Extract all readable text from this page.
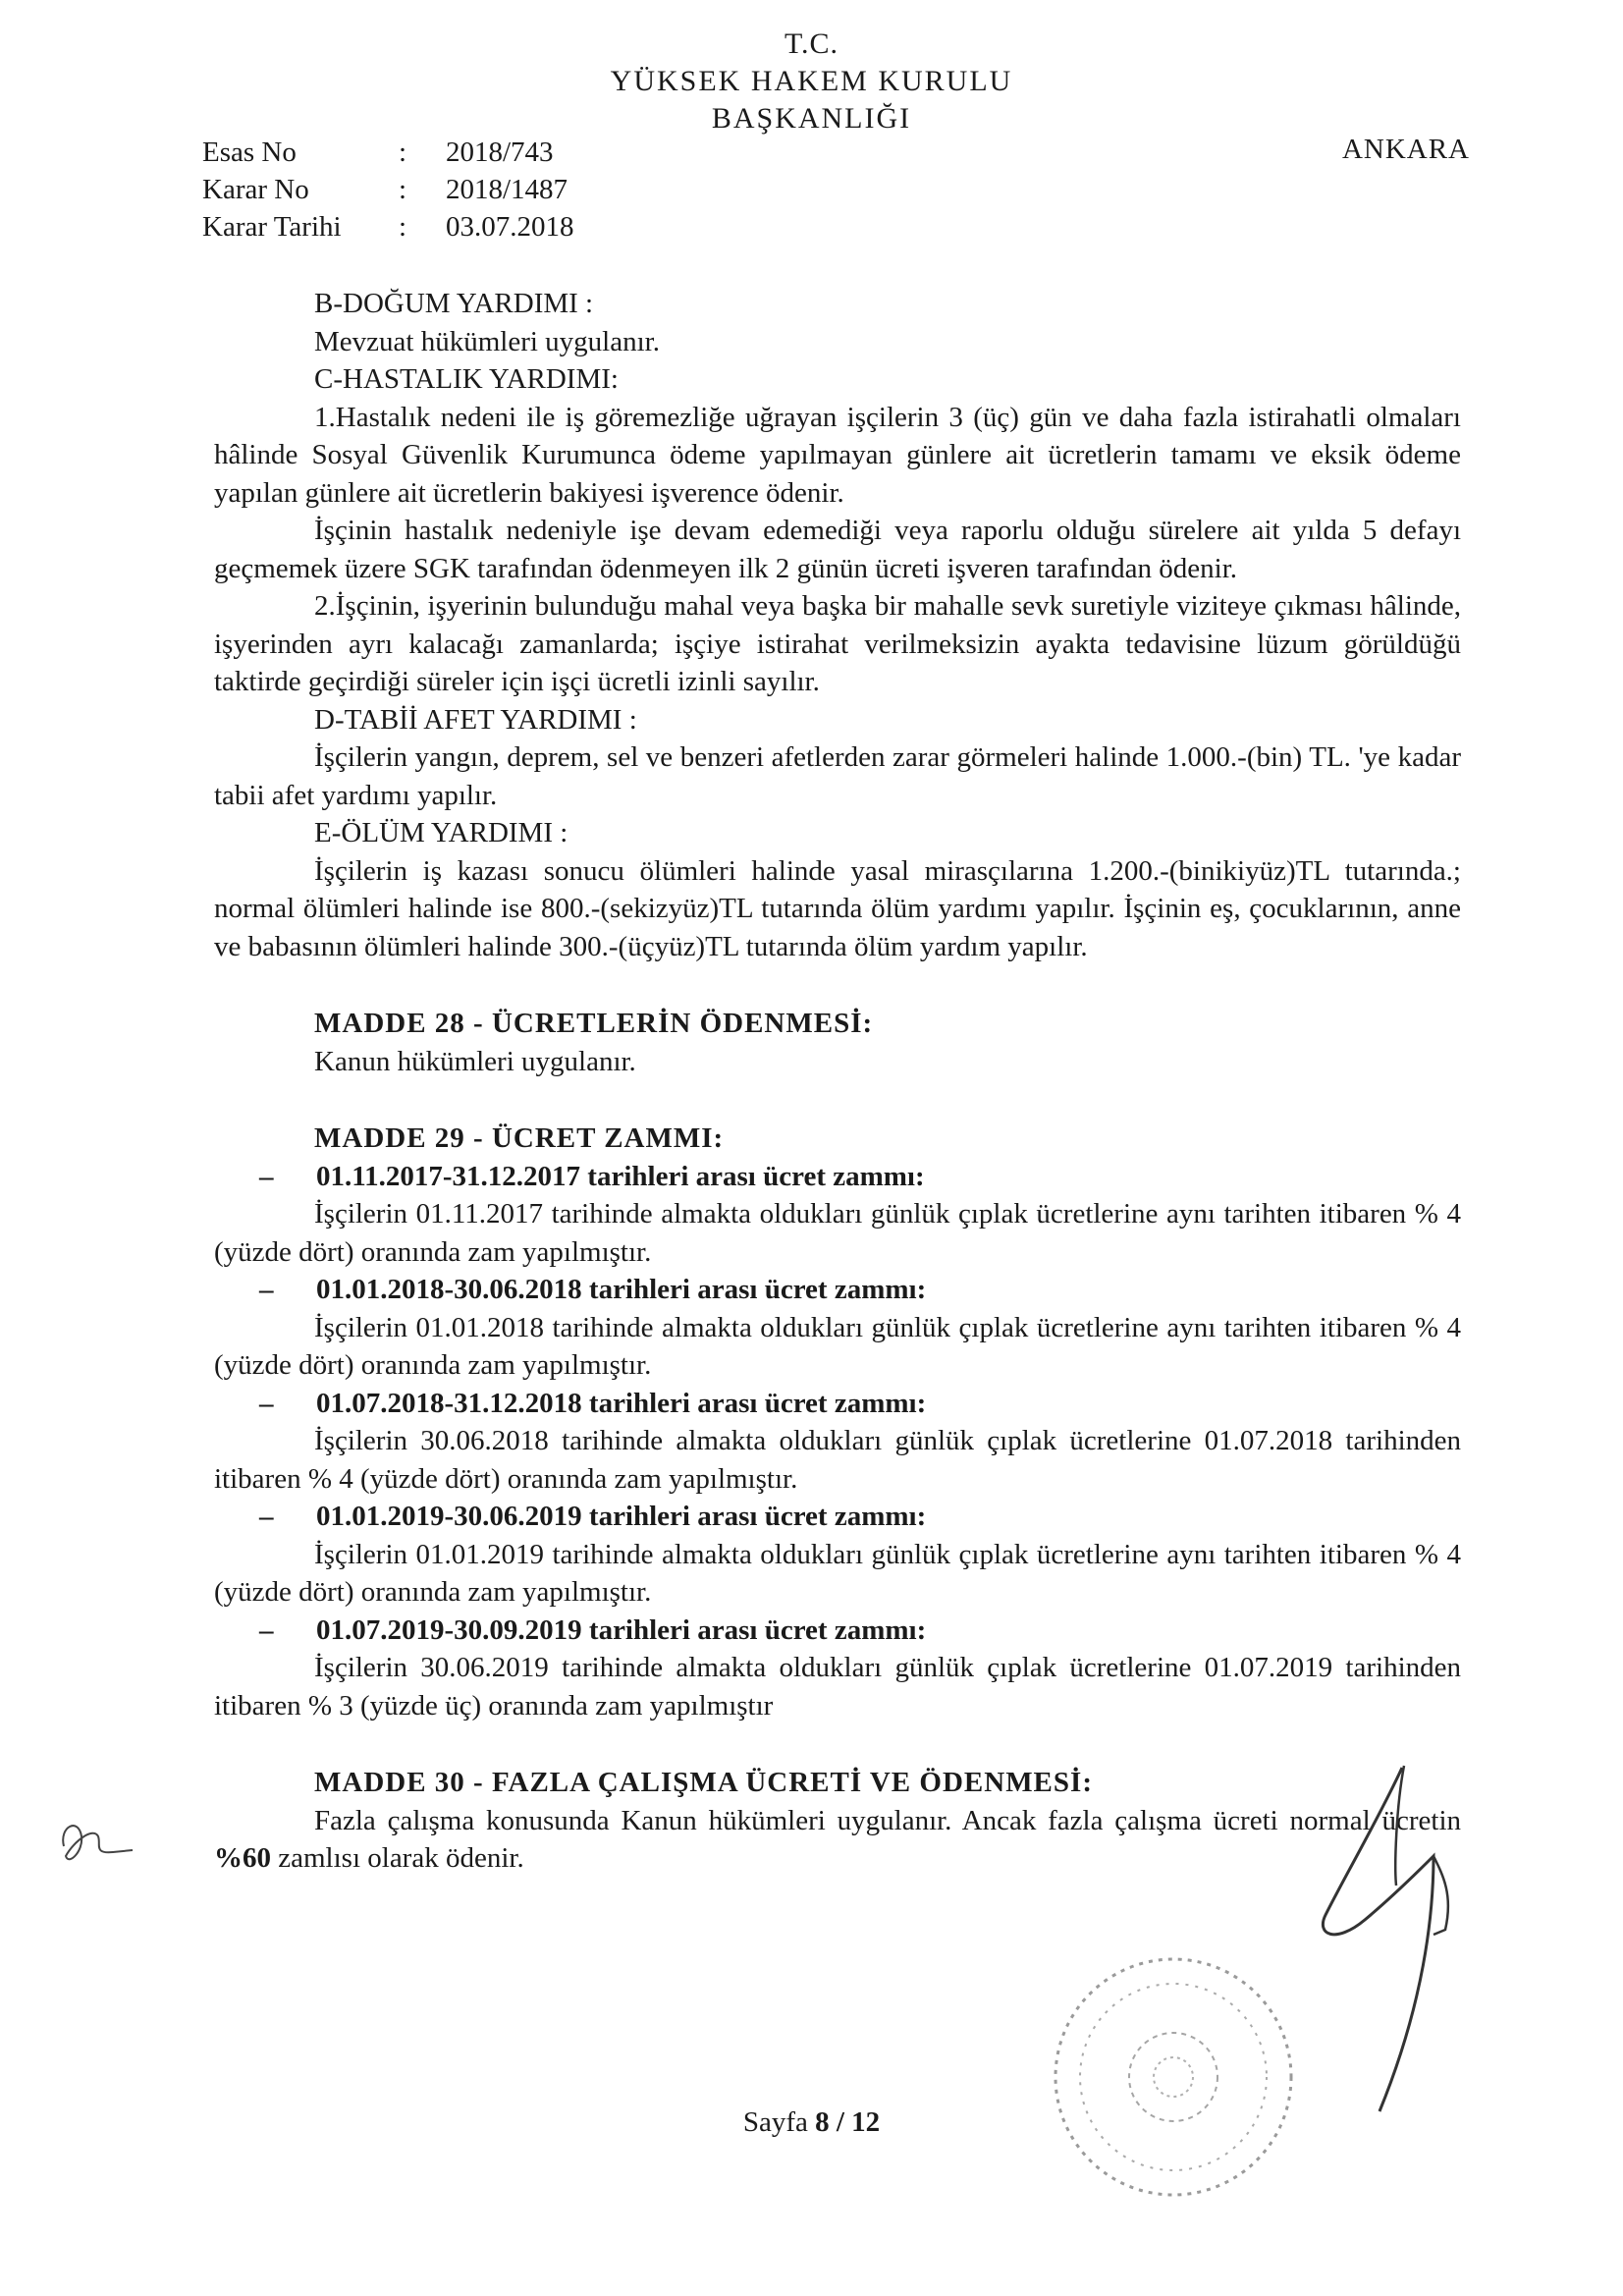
T.C.
YÜKSEK HAKEM KURULU
BAŞKANLIĞI
Esas No	:	2018/743
Karar No	:	2018/1487
Karar Tarihi	:	03.07.2018
ANKARA

B-DOĞUM YARDIMI :

Mevzuat hükümleri uygulanır.

C-HASTALIK YARDIMI:

1.Hastalık nedeni ile iş göremezliğe uğrayan işçilerin 3 (üç) gün ve daha fazla istirahatli olmaları hâlinde Sosyal Güvenlik Kurumunca ödeme yapılmayan günlere ait ücretlerin tamamı ve eksik ödeme yapılan günlere ait ücretlerin bakiyesi işverence ödenir.

İşçinin hastalık nedeniyle işe devam edemediği veya raporlu olduğu sürelere ait yılda 5 defayı geçmemek üzere SGK tarafından ödenmeyen ilk 2 günün ücreti işveren tarafından ödenir.

2.İşçinin, işyerinin bulunduğu mahal veya başka bir mahalle sevk suretiyle viziteye çıkması hâlinde, işyerinden ayrı kalacağı zamanlarda; işçiye istirahat verilmeksizin ayakta tedavisine lüzum görüldüğü taktirde geçirdiği süreler için işçi ücretli izinli sayılır.

D-TABİİ AFET YARDIMI :

İşçilerin yangın, deprem, sel ve benzeri afetlerden zarar görmeleri halinde 1.000.-(bin) TL. 'ye kadar tabii afet yardımı yapılır.

E-ÖLÜM YARDIMI :

İşçilerin iş kazası sonucu ölümleri halinde yasal mirasçılarına 1.200.-(binikiyüz)TL tutarında.; normal ölümleri halinde ise 800.-(sekizyüz)TL tutarında ölüm yardımı yapılır. İşçinin eş, çocuklarının, anne ve babasının ölümleri halinde 300.-(üçyüz)TL tutarında ölüm yardım yapılır.

MADDE 28 - ÜCRETLERİN ÖDENMESİ:

Kanun hükümleri uygulanır.

MADDE 29 - ÜCRET ZAMMI:

–	01.11.2017-31.12.2017 tarihleri arası ücret zammı:

İşçilerin 01.11.2017 tarihinde almakta oldukları günlük çıplak ücretlerine aynı tarihten itibaren % 4 (yüzde dört) oranında zam yapılmıştır.

–	01.01.2018-30.06.2018 tarihleri arası ücret zammı:

İşçilerin 01.01.2018 tarihinde almakta oldukları günlük çıplak ücretlerine aynı tarihten itibaren % 4 (yüzde dört) oranında zam yapılmıştır.

–	01.07.2018-31.12.2018 tarihleri arası ücret zammı:

İşçilerin 30.06.2018 tarihinde almakta oldukları günlük çıplak ücretlerine 01.07.2018 tarihinden itibaren % 4 (yüzde dört) oranında zam yapılmıştır.

–	01.01.2019-30.06.2019 tarihleri arası ücret zammı:

İşçilerin 01.01.2019 tarihinde almakta oldukları günlük çıplak ücretlerine aynı tarihten itibaren % 4 (yüzde dört) oranında zam yapılmıştır.

–	01.07.2019-30.09.2019 tarihleri arası ücret zammı:

İşçilerin 30.06.2019 tarihinde almakta oldukları günlük çıplak ücretlerine 01.07.2019 tarihinden itibaren % 3 (yüzde üç) oranında zam yapılmıştır

MADDE 30 - FAZLA ÇALIŞMA ÜCRETİ VE ÖDENMESİ:

Fazla çalışma konusunda Kanun hükümleri uygulanır. Ancak fazla çalışma ücreti normal ücretin %60 zamlısı olarak ödenir.

Sayfa 8 / 12
